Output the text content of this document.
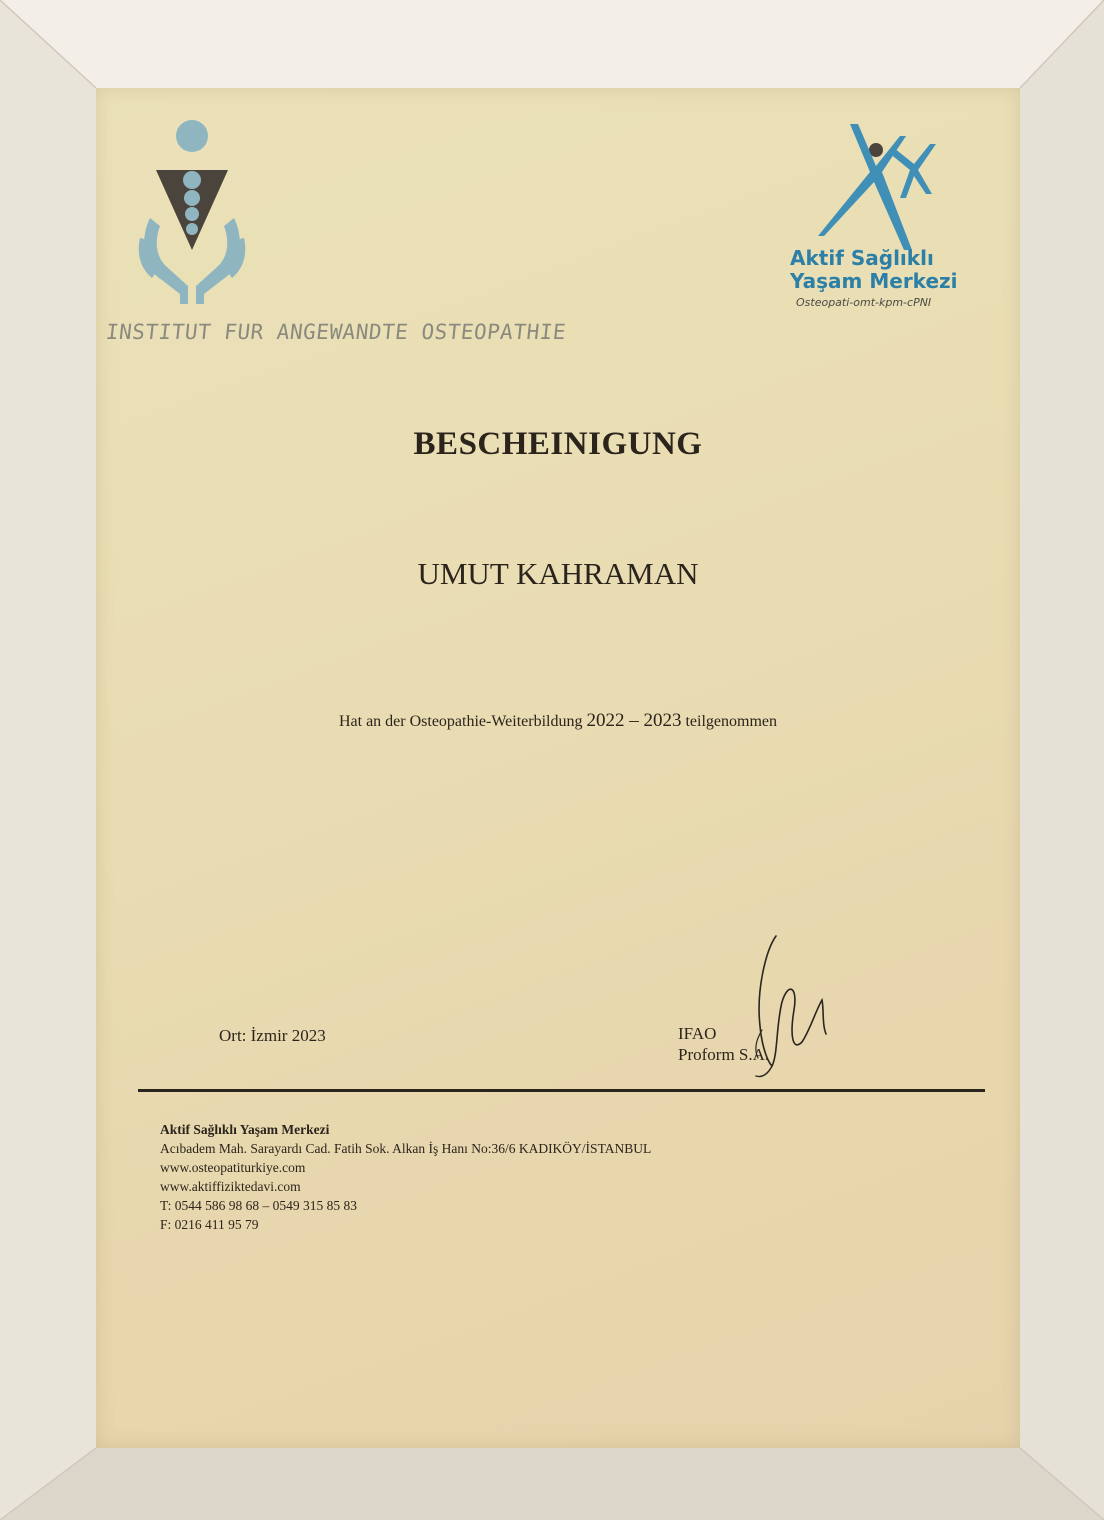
INSTITUT FUR ANGEWANDTE OSTEOPATHIE
Aktif Sağlıklı
Yaşam Merkezi
Osteopati-omt-kpm-cPNI
BESCHEINIGUNG
UMUT KAHRAMAN
Hat an der Osteopathie-Weiterbildung 2022 – 2023 teilgenommen
Ort: İzmir 2023	IFAO
Proform S.A.
Aktif Sağlıklı Yaşam Merkezi
Acıbadem Mah. Sarayardı Cad. Fatih Sok. Alkan İş Hanı No:36/6 KADIKÖY/İSTANBUL
www.osteopatiturkiye.com
www.aktiffiziktedavi.com
T: 0544 586 98 68 – 0549 315 85 83
F: 0216 411 95 79
